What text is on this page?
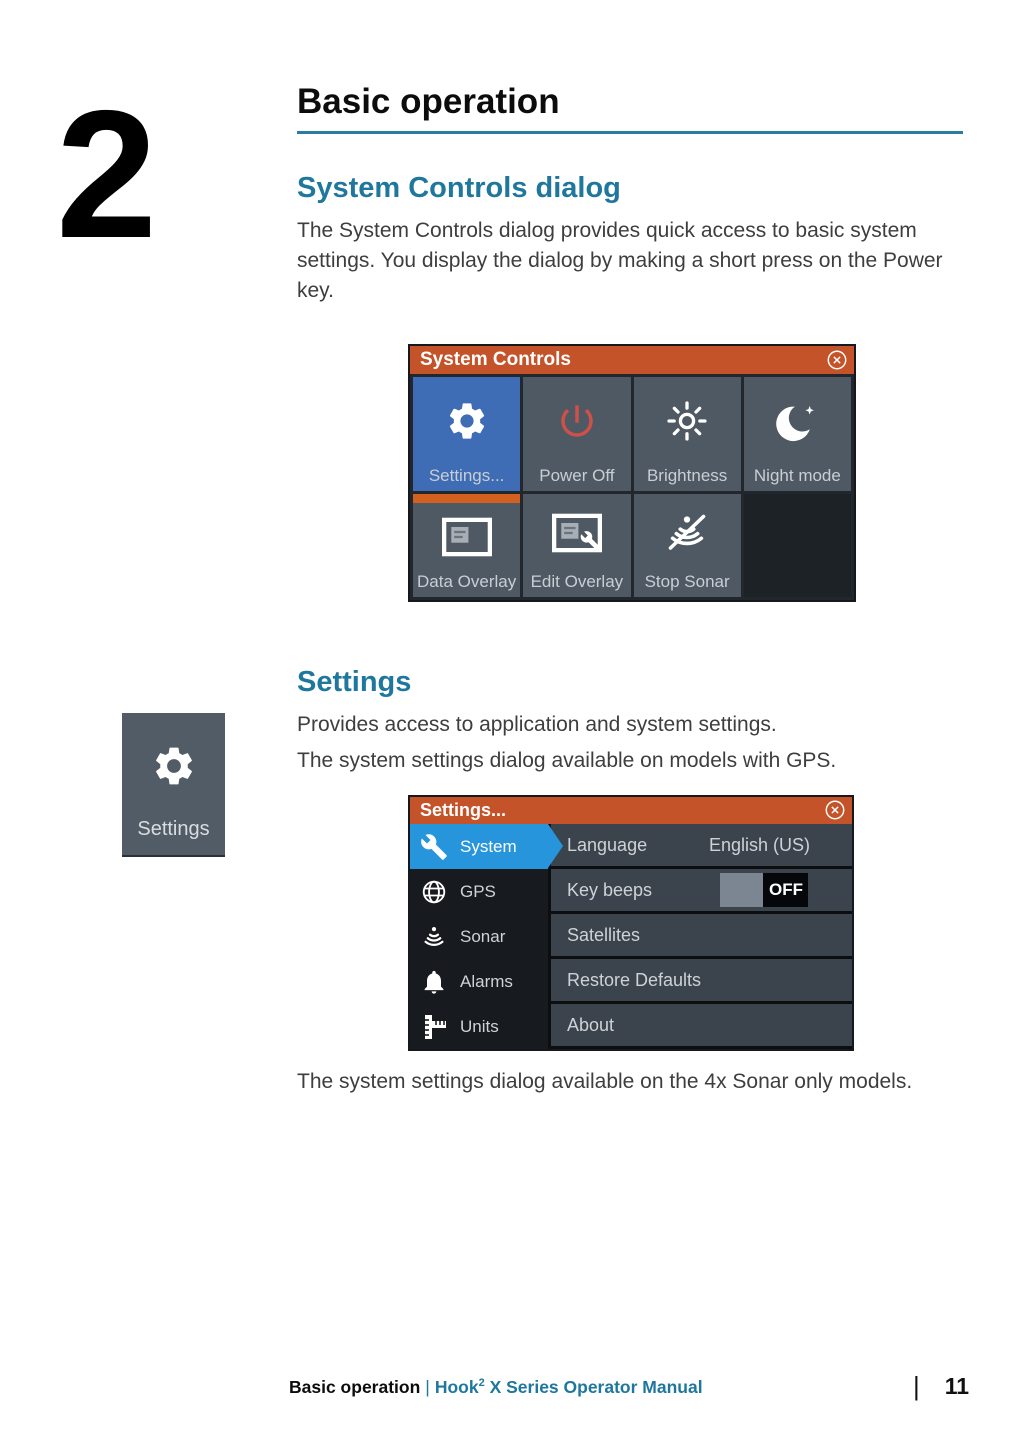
2	Basic operation
System Controls dialog
The System Controls dialog provides quick access to basic system settings. You display the dialog by making a short press on the Power key.
System Controls
Settings... Power Off Brightness Night mode
Data Overlay Edit Overlay Stop Sonar
Settings
Provides access to application and system settings.
The system settings dialog available on models with GPS.
Settings
Settings...
System
GPS
Sonar
Alarms
Units
Language	English (US)
Key beeps	OFF
Satellites
Restore Defaults
About
The system settings dialog available on the 4x Sonar only models.
Basic operation | Hook$^2$ X Series Operator Manual	| 11
